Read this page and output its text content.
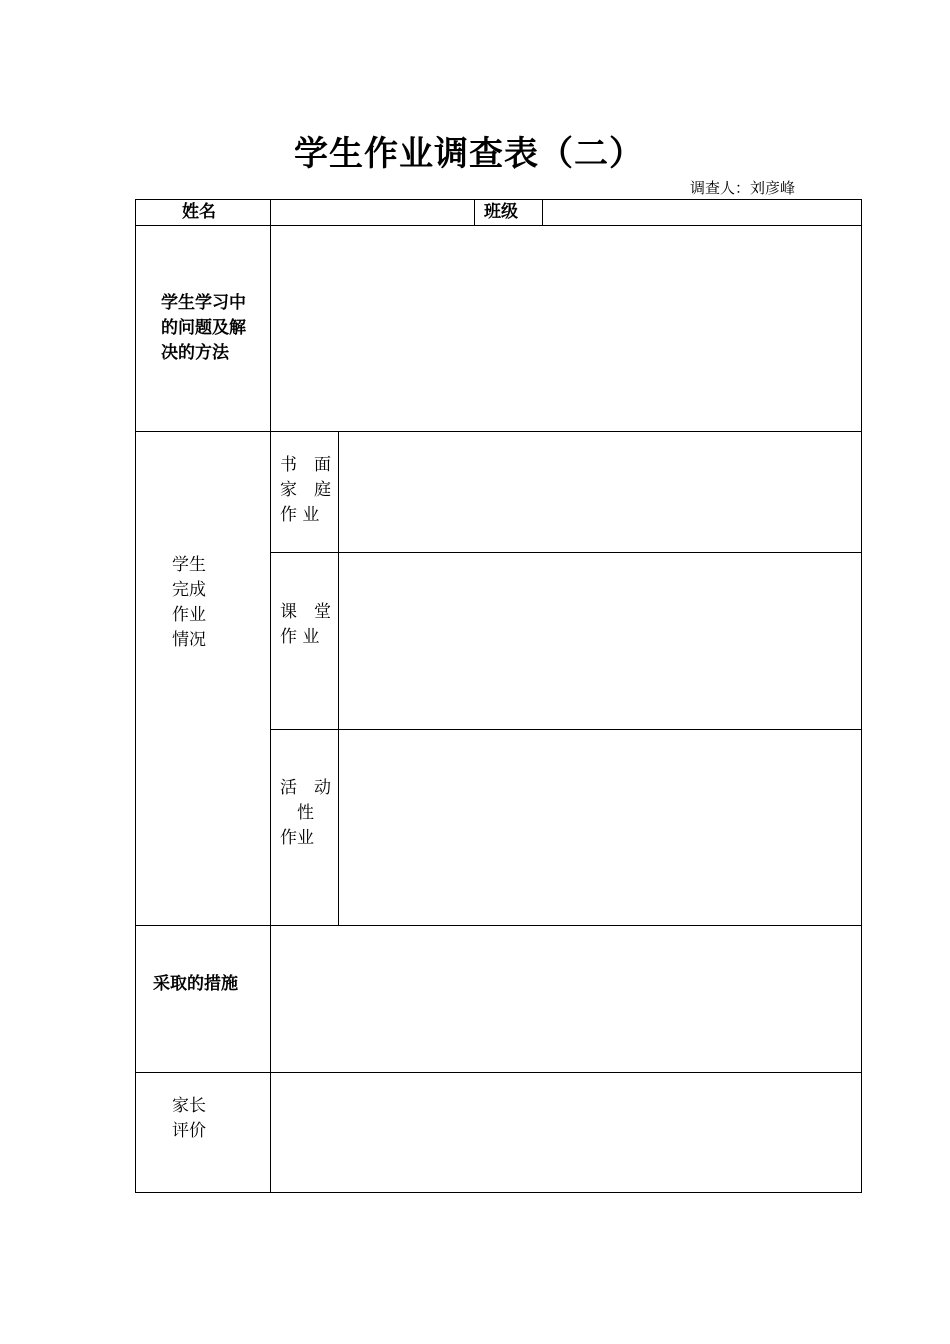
学生作业调查表（二）
调查人：刘彦峰
姓名	班级
学生学习中
的问题及解
决的方法
学生
完成
作业
情况
书　面
家　庭
作 业
课　堂
作 业
活　动
　性
作业
采取的措施
家长
评价
